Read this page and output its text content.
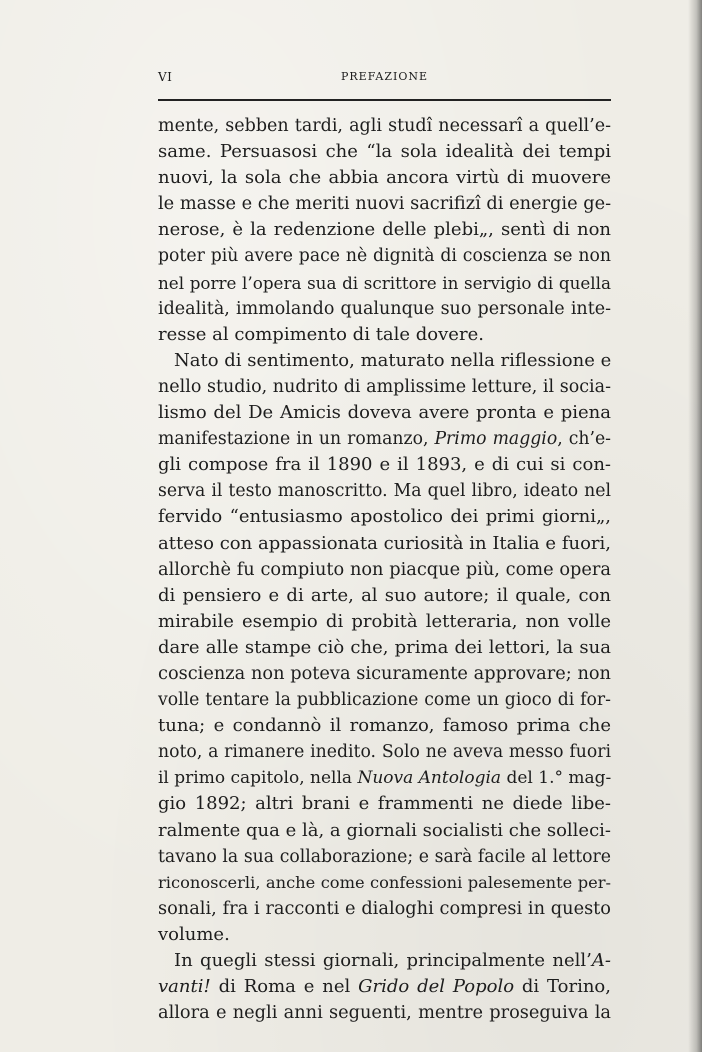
VI	PREFAZIONE
mente, sebben tardi, agli studî necessarî a quell’e-
same. Persuasosi che “la sola idealità dei tempi
nuovi, la sola che abbia ancora virtù di muovere
le masse e che meriti nuovi sacrifizî di energie ge-
nerose, è la redenzione delle plebi„, sentì di non
poter più avere pace nè dignità di coscienza se non
nel porre l’opera sua di scrittore in servigio di quella
idealità, immolando qualunque suo personale inte-
resse al compimento di tale dovere.
Nato di sentimento, maturato nella riflessione e
nello studio, nudrito di amplissime letture, il socia-
lismo del De Amicis doveva avere pronta e piena
manifestazione in un romanzo, Primo maggio, ch’e-
gli compose fra il 1890 e il 1893, e di cui si con-
serva il testo manoscritto. Ma quel libro, ideato nel
fervido “entusiasmo apostolico dei primi giorni„,
atteso con appassionata curiosità in Italia e fuori,
allorchè fu compiuto non piacque più, come opera
di pensiero e di arte, al suo autore; il quale, con
mirabile esempio di probità letteraria, non volle
dare alle stampe ciò che, prima dei lettori, la sua
coscienza non poteva sicuramente approvare; non
volle tentare la pubblicazione come un gioco di for-
tuna; e condannò il romanzo, famoso prima che
noto, a rimanere inedito. Solo ne aveva messo fuori
il primo capitolo, nella Nuova Antologia del 1.° mag-
gio 1892; altri brani e frammenti ne diede libe-
ralmente qua e là, a giornali socialisti che solleci-
tavano la sua collaborazione; e sarà facile al lettore
riconoscerli, anche come confessioni palesemente per-
sonali, fra i racconti e dialoghi compresi in questo
volume.
In quegli stessi giornali, principalmente nell’A-
vanti! di Roma e nel Grido del Popolo di Torino,
allora e negli anni seguenti, mentre proseguiva la
